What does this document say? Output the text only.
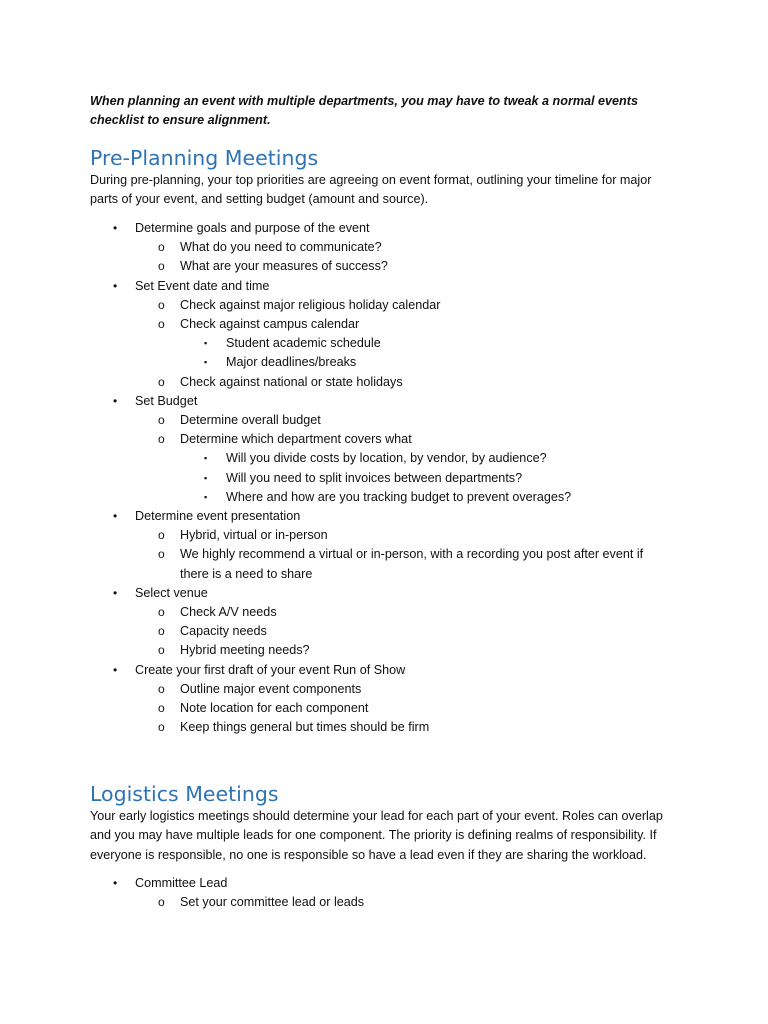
When planning an event with multiple departments, you may have to tweak a normal events checklist to ensure alignment.
Pre-Planning Meetings

During pre-planning, your top priorities are agreeing on event format, outlining your timeline for major parts of your event, and setting budget (amount and source).

• Determine goals and purpose of the event
o What do you need to communicate?
o What are your measures of success?
• Set Event date and time
o Check against major religious holiday calendar
o Check against campus calendar
▪ Student academic schedule
▪ Major deadlines/breaks
o Check against national or state holidays
• Set Budget
o Determine overall budget
o Determine which department covers what
▪ Will you divide costs by location, by vendor, by audience?
▪ Will you need to split invoices between departments?
▪ Where and how are you tracking budget to prevent overages?
• Determine event presentation
o Hybrid, virtual or in-person
o We highly recommend a virtual or in-person, with a recording you post after event if
there is a need to share
• Select venue
o Check A/V needs
o Capacity needs
o Hybrid meeting needs?
• Create your first draft of your event Run of Show
o Outline major event components
o Note location for each component
o Keep things general but times should be firm
Logistics Meetings

Your early logistics meetings should determine your lead for each part of your event. Roles can overlap and you may have multiple leads for one component. The priority is defining realms of responsibility. If everyone is responsible, no one is responsible so have a lead even if they are sharing the workload.

• Committee Lead
o Set your committee lead or leads
